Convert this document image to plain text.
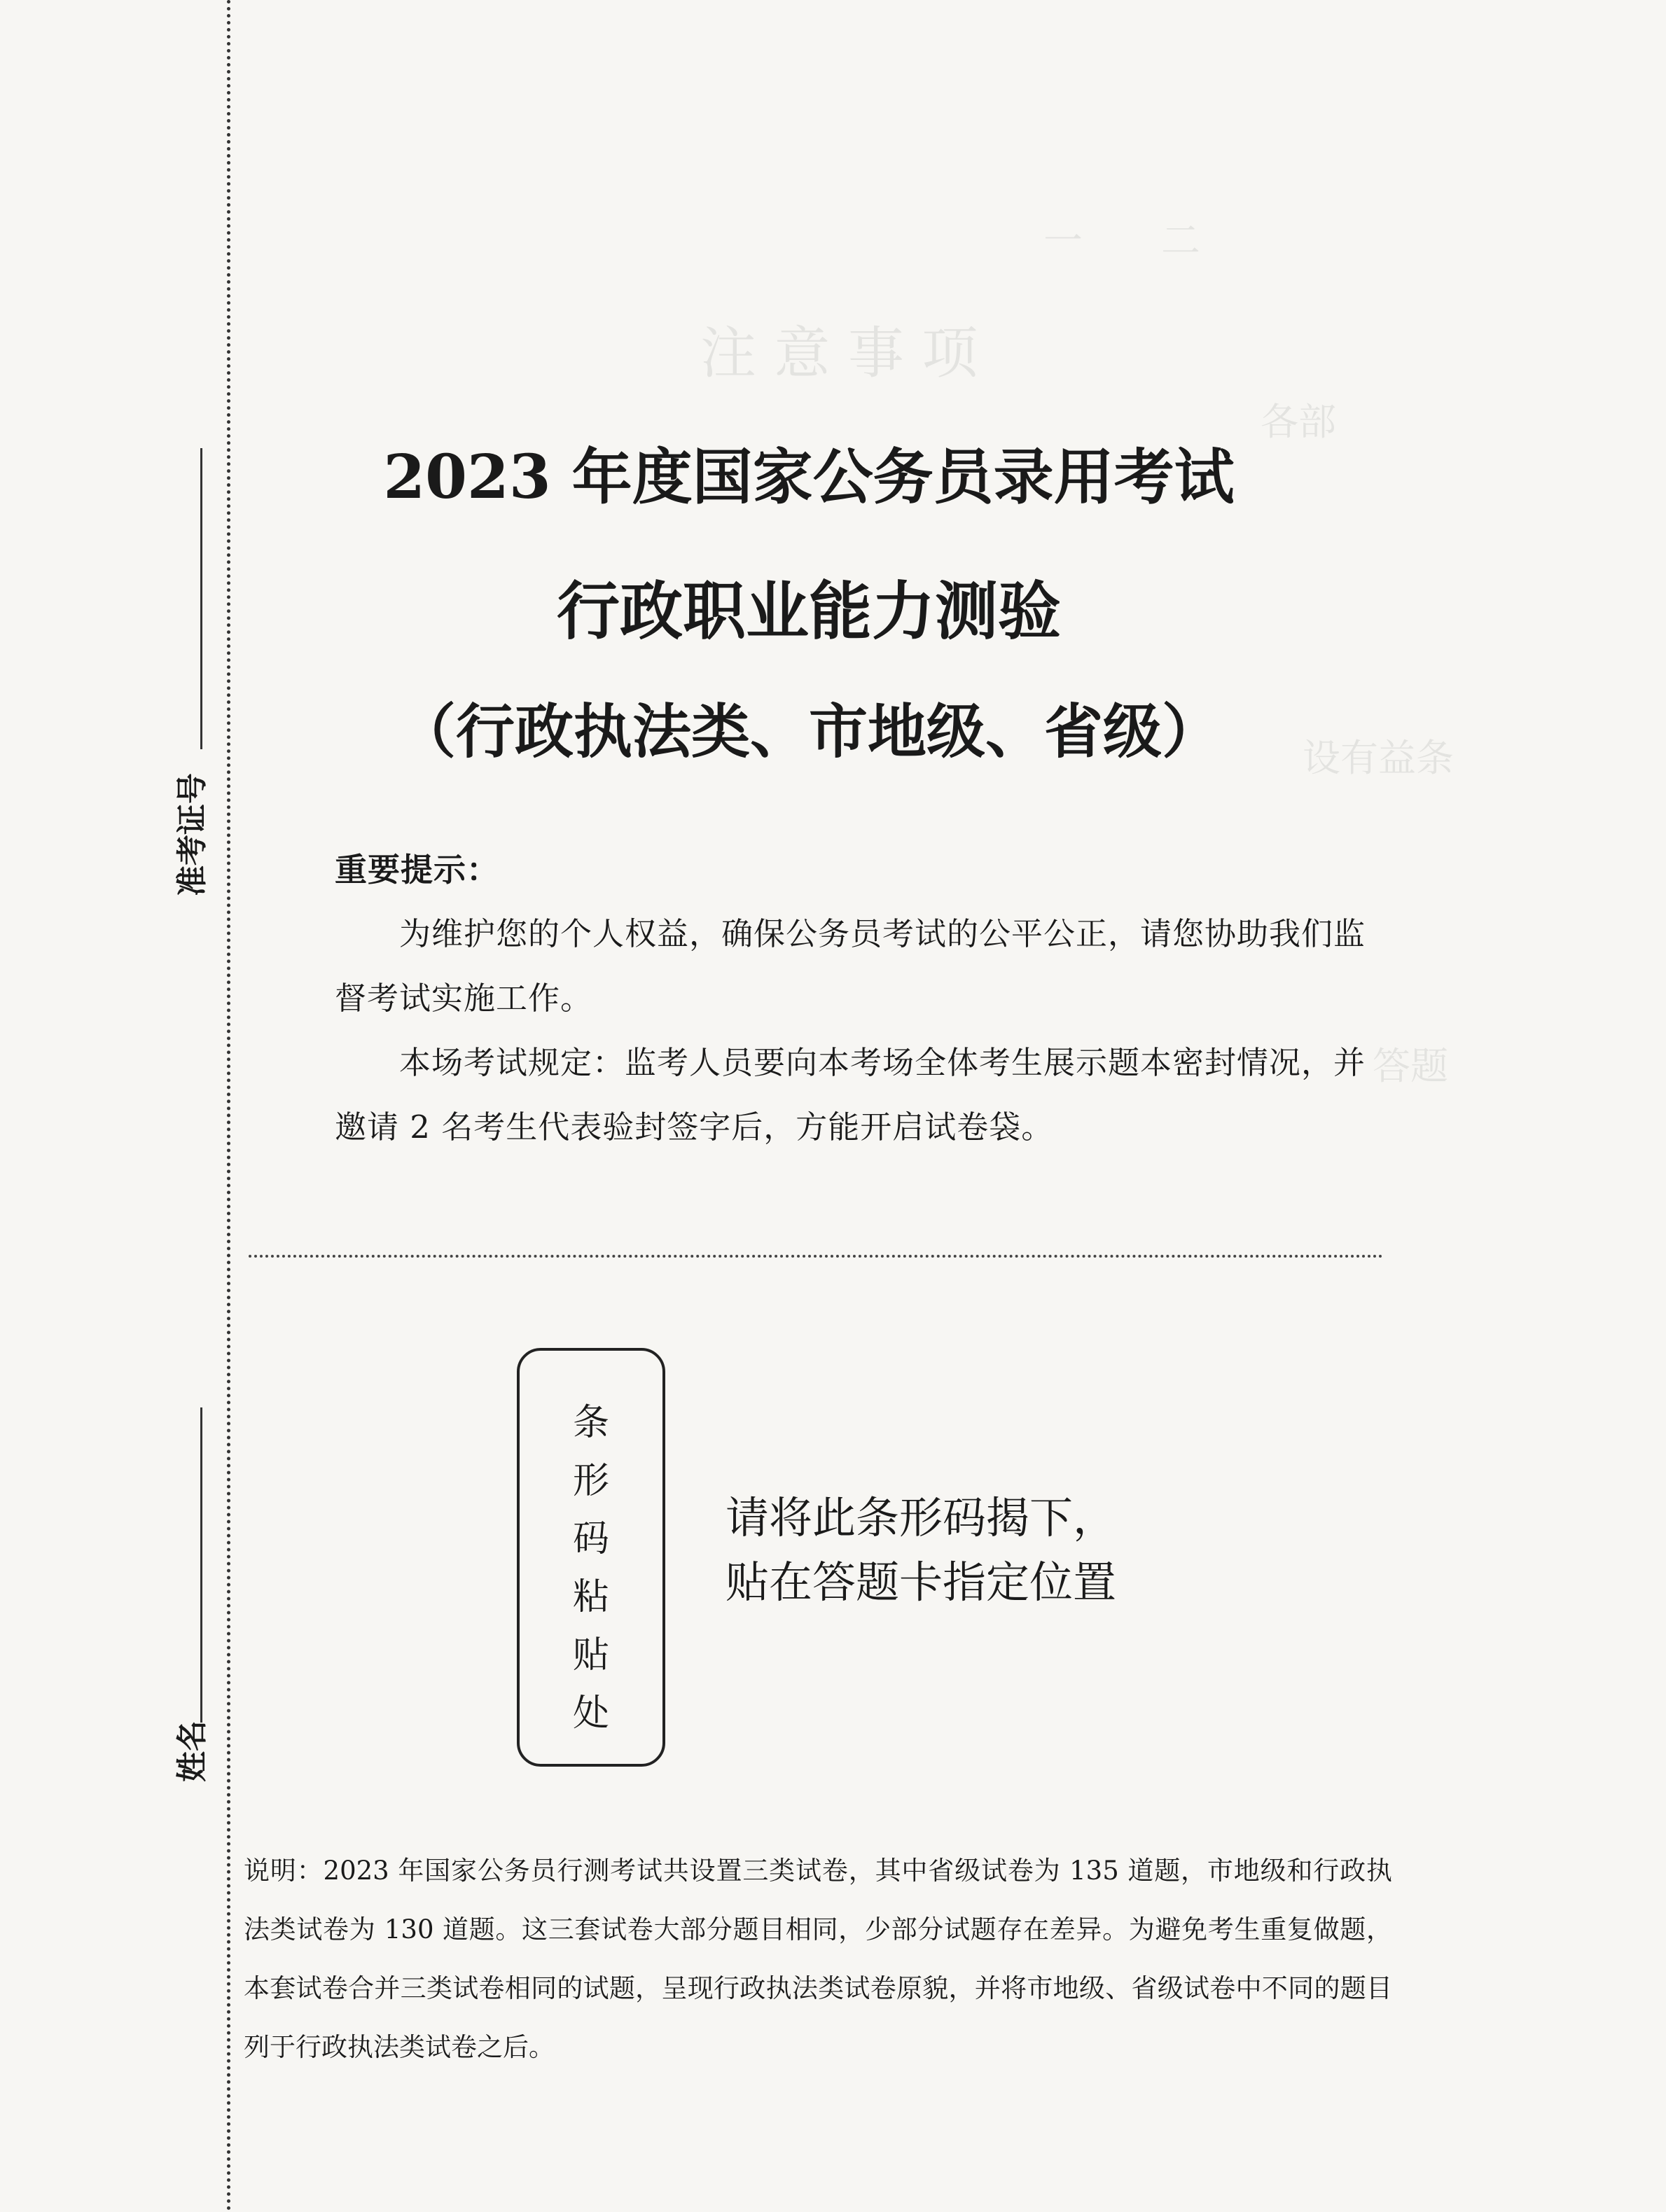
一　　二
注 意 事 项
各部
设有益条
答题
准考证号
姓名
2023 年度国家公务员录用考试
行政职业能力测验
（行政执法类、市地级、省级）

重要提示：

为维护您的个人权益，确保公务员考试的公平公正，请您协助我们监督考试实施工作。

本场考试规定：监考人员要向本考场全体考生展示题本密封情况，并邀请 2 名考生代表验封签字后，方能开启试卷袋。

条
形
码
粘
贴
处
请将此条形码揭下，
贴在答题卡指定位置

说明：2023 年国家公务员行测考试共设置三类试卷，其中省级试卷为 135 道题，市地级和行政执法类试卷为 130 道题。这三套试卷大部分题目相同，少部分试题存在差异。为避免考生重复做题，本套试卷合并三类试卷相同的试题，呈现行政执法类试卷原貌，并将市地级、省级试卷中不同的题目列于行政执法类试卷之后。
